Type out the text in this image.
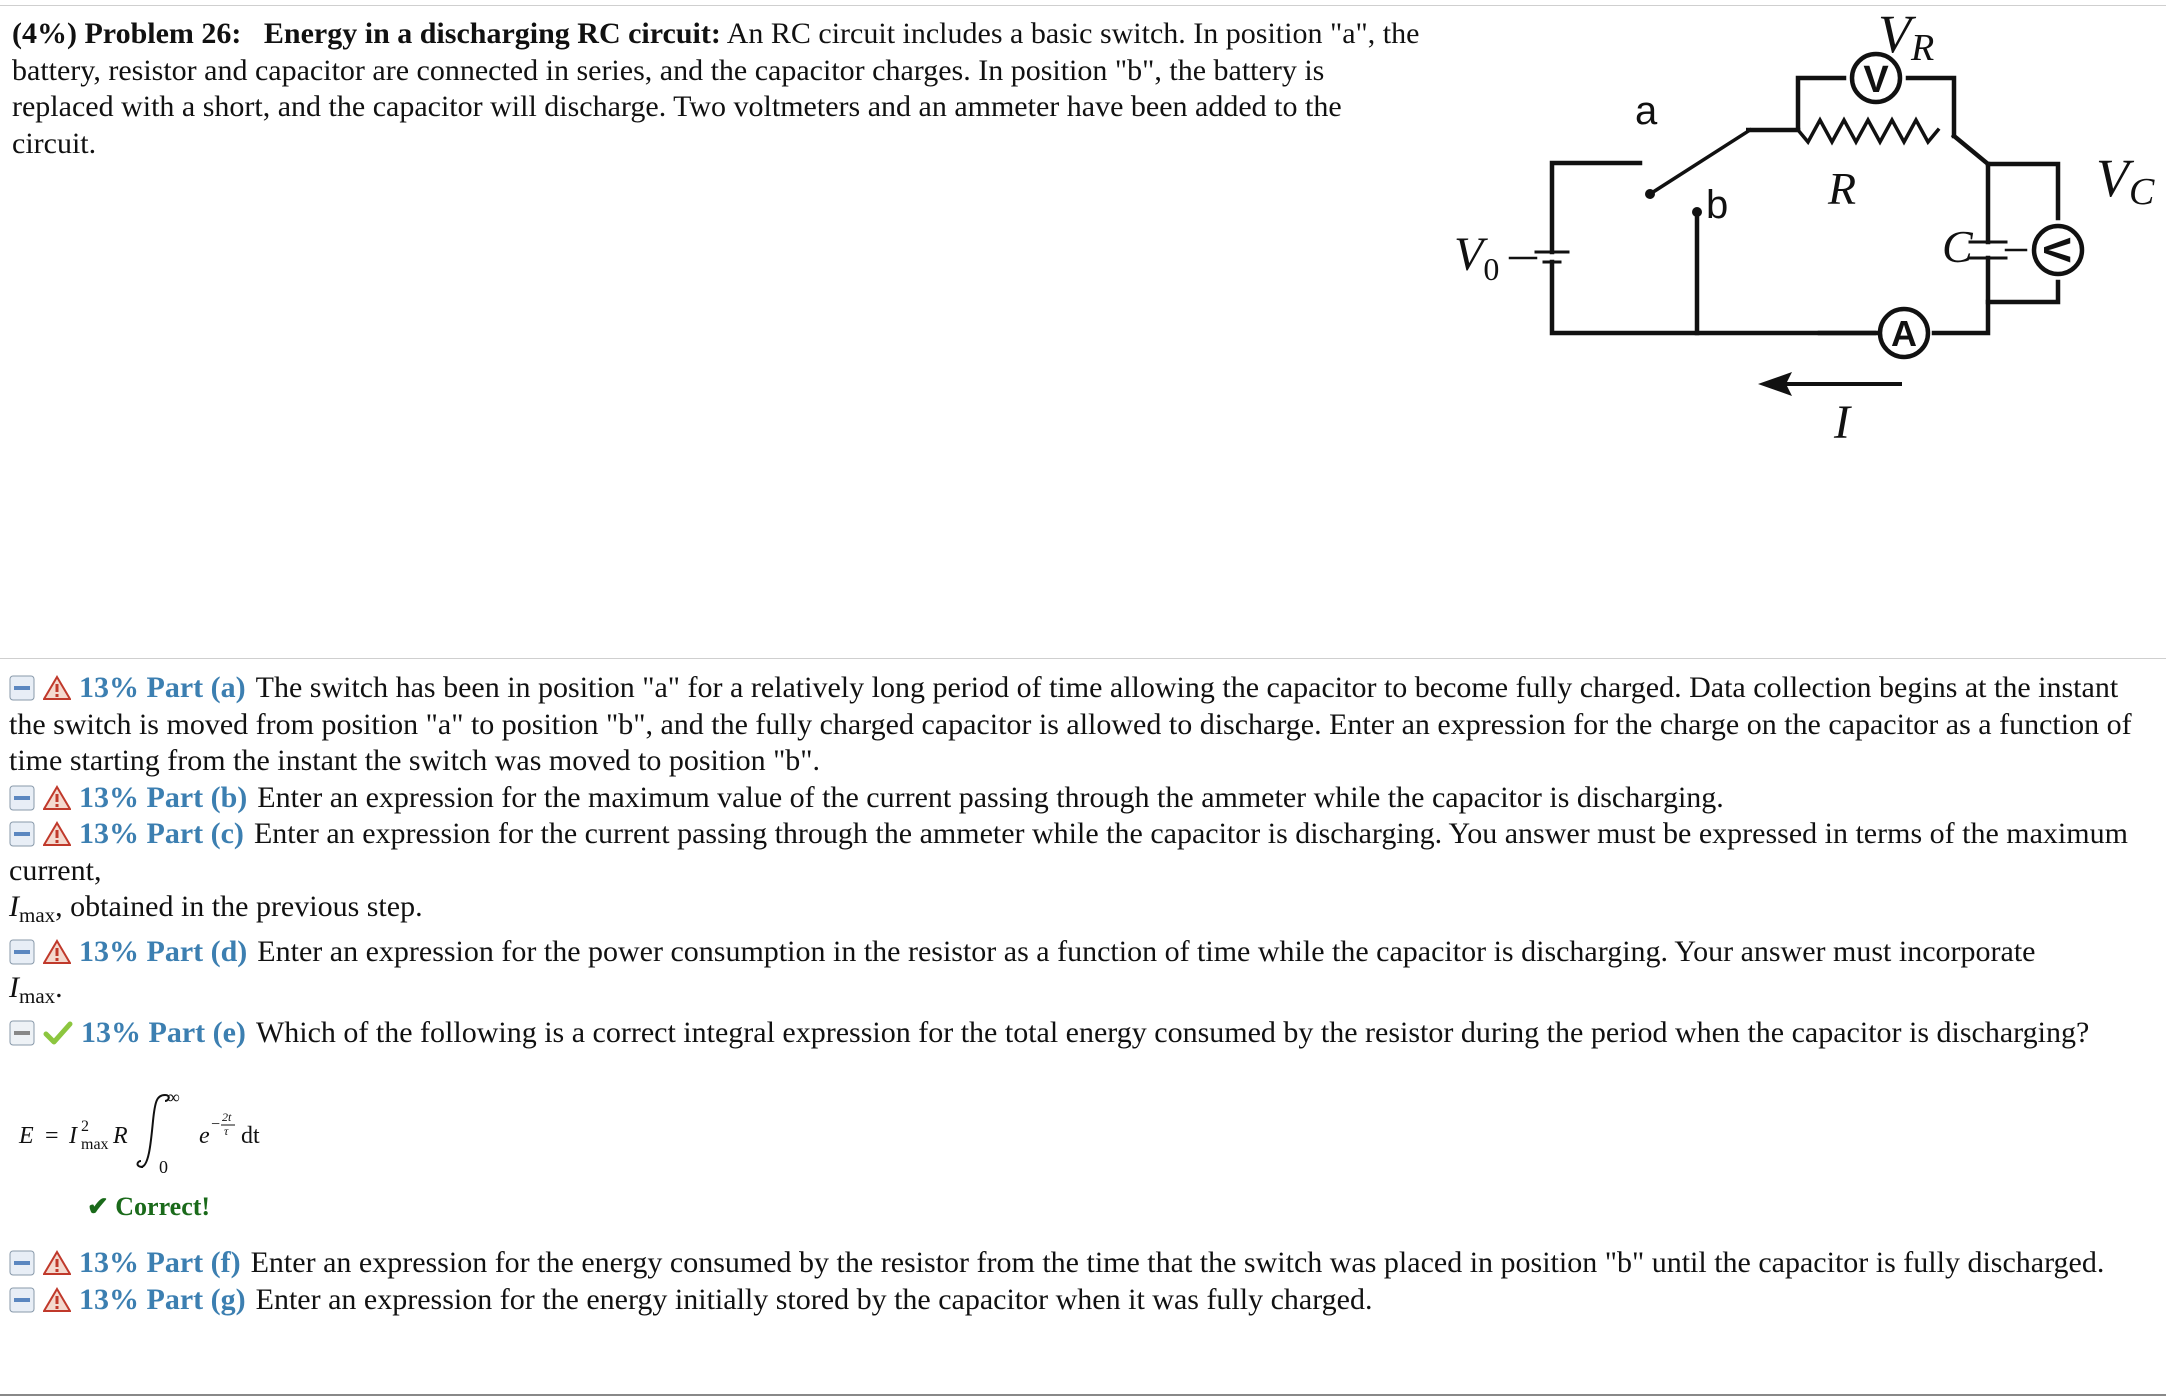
(4%) Problem 26: Energy in a discharging RC circuit: An RC circuit includes a basic switch. In position "a", the battery, resistor and capacitor are connected in series, and the capacitor charges. In position "b", the battery is replaced with a short, and the capacitor will discharge. Two voltmeters and an ammeter have been added to the circuit.
V
V
A
a
b R
C
$V_0$
VR
VC
I
13% Part (a) The switch has been in position "a" for a relatively long period of time allowing the capacitor to become fully charged. Data collection begins at the instant the switch is moved from position "a" to position "b", and the fully charged capacitor is allowed to discharge. Enter an expression for the charge on the capacitor as a function of time starting from the instant the switch was moved to position "b".
13% Part (b) Enter an expression for the maximum value of the current passing through the ammeter while the capacitor is discharging.
13% Part (c) Enter an expression for the current passing through the ammeter while the capacitor is discharging. You answer must be expressed in terms of the maximum current,
$I_{max}$, obtained in the previous step.
13% Part (d) Enter an expression for the power consumption in the resistor as a function of time while the capacitor is discharging. Your answer must incorporate
$I_{max}$.
13% Part (e) Which of the following is a correct integral expression for the total energy consumed by the resistor during the period when the capacitor is discharging?
E = I 2
max R
∞
0
e − 2t
τ dt
✔ Correct!
13% Part (f) Enter an expression for the energy consumed by the resistor from the time that the switch was placed in position "b" until the capacitor is fully discharged.
13% Part (g) Enter an expression for the energy initially stored by the capacitor when it was fully charged.
